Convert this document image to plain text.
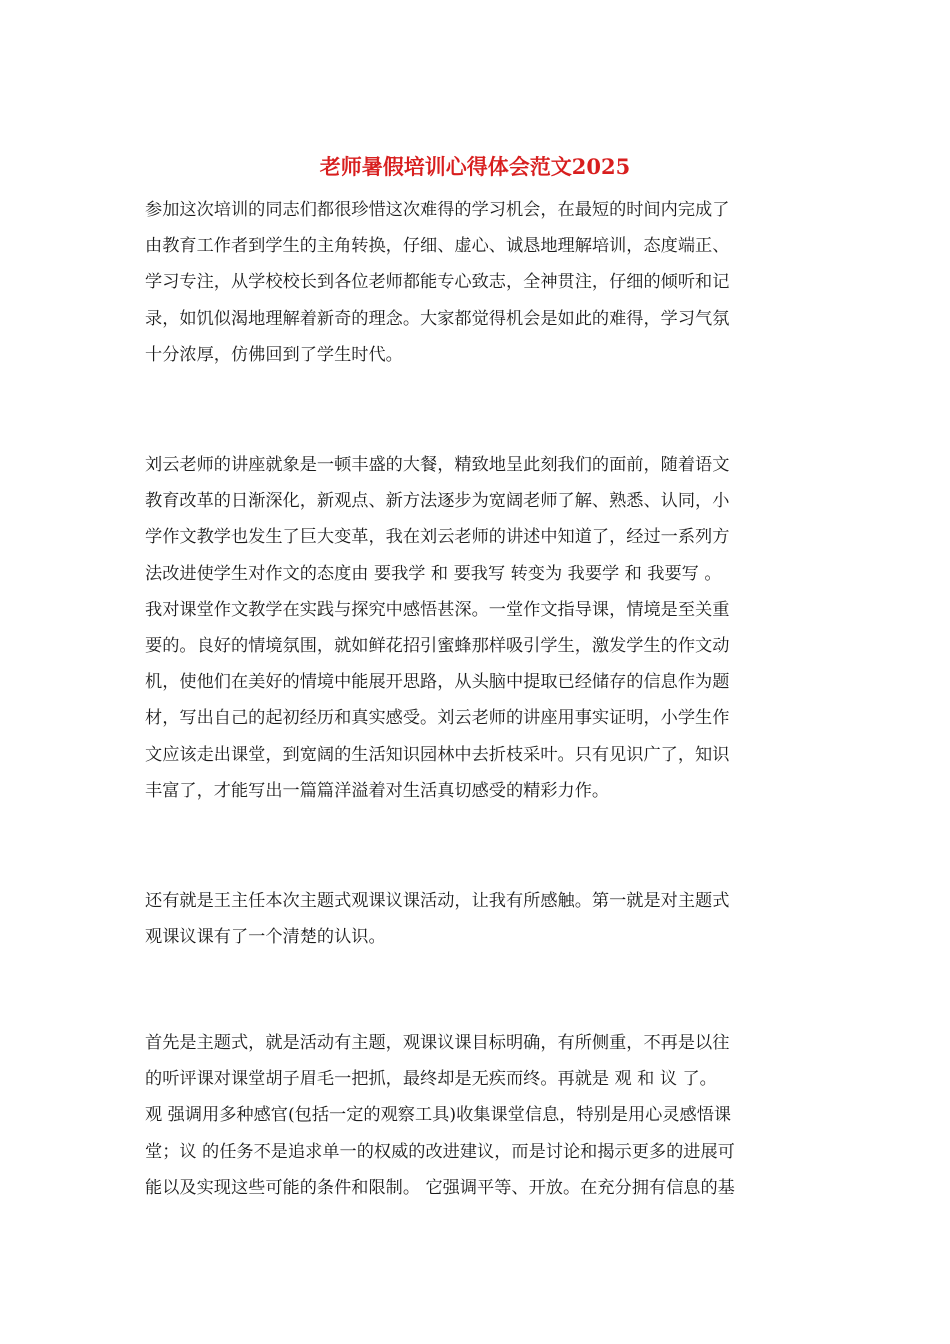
老师暑假培训心得体会范文2025
参加这次培训的同志们都很珍惜这次难得的学习机会，在最短的时间内完成了
由教育工作者到学生的主角转换，仔细、虚心、诚恳地理解培训，态度端正、
学习专注，从学校校长到各位老师都能专心致志，全神贯注，仔细的倾听和记
录，如饥似渴地理解着新奇的理念。大家都觉得机会是如此的难得，学习气氛
十分浓厚，仿佛回到了学生时代。
刘云老师的讲座就象是一顿丰盛的大餐，精致地呈此刻我们的面前，随着语文
教育改革的日渐深化，新观点、新方法逐步为宽阔老师了解、熟悉、认同，小
学作文教学也发生了巨大变革，我在刘云老师的讲述中知道了，经过一系列方
法改进使学生对作文的态度由 要我学 和 要我写 转变为 我要学 和 我要写 。
我对课堂作文教学在实践与探究中感悟甚深。一堂作文指导课，情境是至关重
要的。良好的情境氛围，就如鲜花招引蜜蜂那样吸引学生，激发学生的作文动
机，使他们在美好的情境中能展开思路，从头脑中提取已经储存的信息作为题
材，写出自己的起初经历和真实感受。刘云老师的讲座用事实证明，小学生作
文应该走出课堂，到宽阔的生活知识园林中去折枝采叶。只有见识广了，知识
丰富了，才能写出一篇篇洋溢着对生活真切感受的精彩力作。
还有就是王主任本次主题式观课议课活动，让我有所感触。第一就是对主题式
观课议课有了一个清楚的认识。
首先是主题式，就是活动有主题，观课议课目标明确，有所侧重，不再是以往
的听评课对课堂胡子眉毛一把抓，最终却是无疾而终。再就是 观 和 议 了。
观 强调用多种感官(包括一定的观察工具)收集课堂信息，特别是用心灵感悟课
堂；议 的任务不是追求单一的权威的改进建议，而是讨论和揭示更多的进展可
能以及实现这些可能的条件和限制。 它强调平等、开放。在充分拥有信息的基
